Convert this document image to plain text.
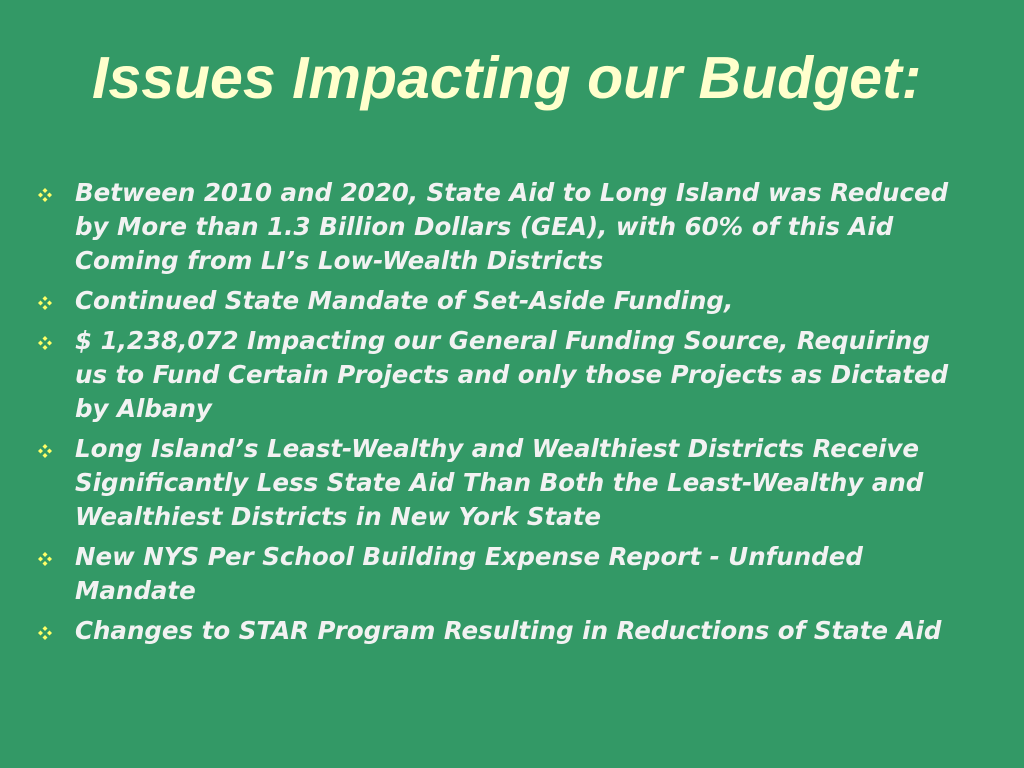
Issues Impacting our Budget:
Between 2010 and 2020, State Aid to Long Island was Reduced by More than 1.3 Billion Dollars (GEA), with 60% of this Aid Coming from LI’s Low-Wealth Districts
Continued State Mandate of Set-Aside Funding,
$ 1,238,072 Impacting our General Funding Source, Requiring us to Fund Certain Projects and only those Projects as Dictated by Albany
Long Island’s Least-Wealthy and Wealthiest Districts Receive Significantly Less State Aid Than Both the Least-Wealthy and Wealthiest Districts in New York State
New NYS Per School Building Expense Report - Unfunded Mandate
Changes to STAR Program Resulting in Reductions of State Aid
